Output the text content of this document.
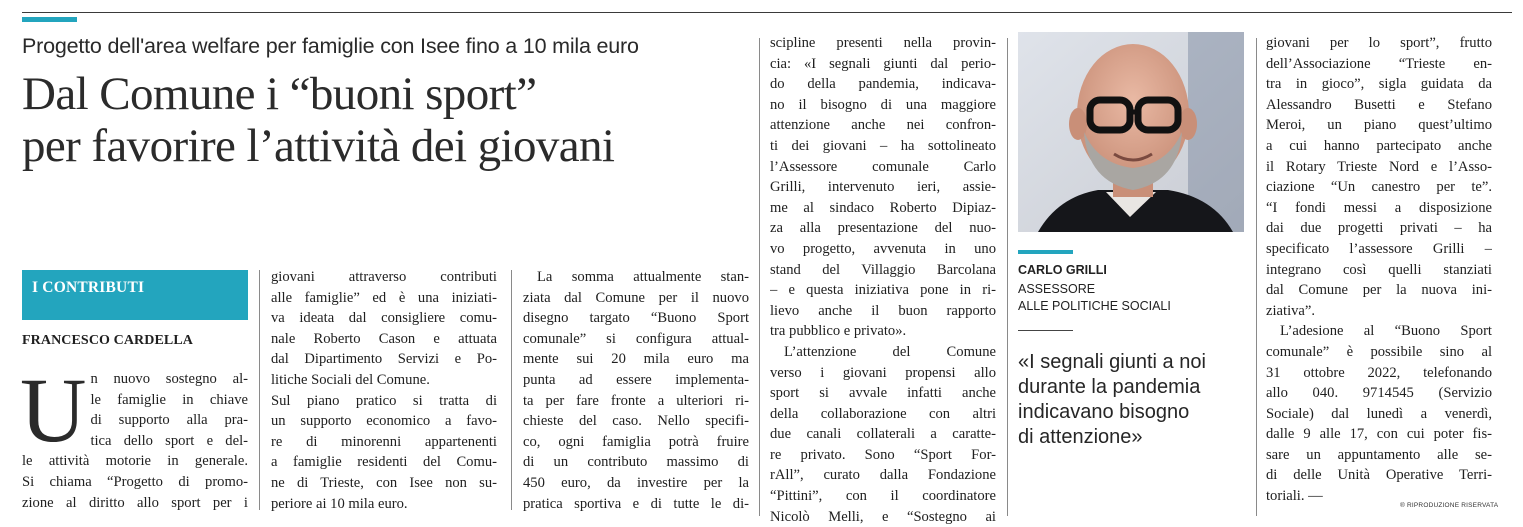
Progetto dell'area welfare per famiglie con Isee fino a 10 mila euro
Dal Comune i “buoni sport”
per favorire l’attività dei giovani
I CONTRIBUTI
FRANCESCO CARDELLA
U n nuovo sostegno al-
le famiglie in chiave
di supporto alla pra-
tica dello sport e del-
le attività motorie in generale.
Si chiama “Progetto di promo-
zione al diritto allo sport per i
giovani attraverso contributi
alle famiglie” ed è una iniziati-
va ideata dal consigliere comu-
nale Roberto Cason e attuata
dal Dipartimento Servizi e Po-
litiche Sociali del Comune.
Sul piano pratico si tratta di
un supporto economico a favo-
re di minorenni appartenenti
a famiglie residenti del Comu-
ne di Trieste, con Isee non su-
periore ai 10 mila euro.
La somma attualmente stan-
ziata dal Comune per il nuovo
disegno targato “Buono Sport
comunale” si configura attual-
mente sui 20 mila euro ma
punta ad essere implementa-
ta per fare fronte a ulteriori ri-
chieste del caso. Nello specifi-
co, ogni famiglia potrà fruire
di un contributo massimo di
450 euro, da investire per la
pratica sportiva e di tutte le di-
scipline presenti nella provin-
cia: «I segnali giunti dal perio-
do della pandemia, indicava-
no il bisogno di una maggiore
attenzione anche nei confron-
ti dei giovani – ha sottolineato
l’Assessore comunale Carlo
Grilli, intervenuto ieri, assie-
me al sindaco Roberto Dipiaz-
za alla presentazione del nuo-
vo progetto, avvenuta in uno
stand del Villaggio Barcolana
– e questa iniziativa pone in ri-
lievo anche il buon rapporto
tra pubblico e privato».
L’attenzione del Comune
verso i giovani propensi allo
sport si avvale infatti anche
della collaborazione con altri
due canali collaterali a caratte-
re privato. Sono “Sport For-
rAll”, curato dalla Fondazione
“Pittini”, con il coordinatore
Nicolò Melli, e “Sostegno ai
CARLO GRILLI
ASSESSORE
ALLE POLITICHE SOCIALI
«I segnali giunti a noi
durante la pandemia
indicavano bisogno
di attenzione»
giovani per lo sport”, frutto
dell’Associazione “Trieste en-
tra in gioco”, sigla guidata da
Alessandro Busetti e Stefano
Meroi, un piano quest’ultimo
a cui hanno partecipato anche
il Rotary Trieste Nord e l’Asso-
ciazione “Un canestro per te”.
“I fondi messi a disposizione
dai due progetti privati – ha
specificato l’assessore Grilli –
integrano così quelli stanziati
dal Comune per la nuova ini-
ziativa”.
L’adesione al “Buono Sport
comunale” è possibile sino al
31 ottobre 2022, telefonando
allo 040. 9714545 (Servizio
Sociale) dal lunedì a venerdì,
dalle 9 alle 17, con cui poter fis-
sare un appuntamento alle se-
di delle Unità Operative Terri-
toriali. —
® RIPRODUZIONE RISERVATA
